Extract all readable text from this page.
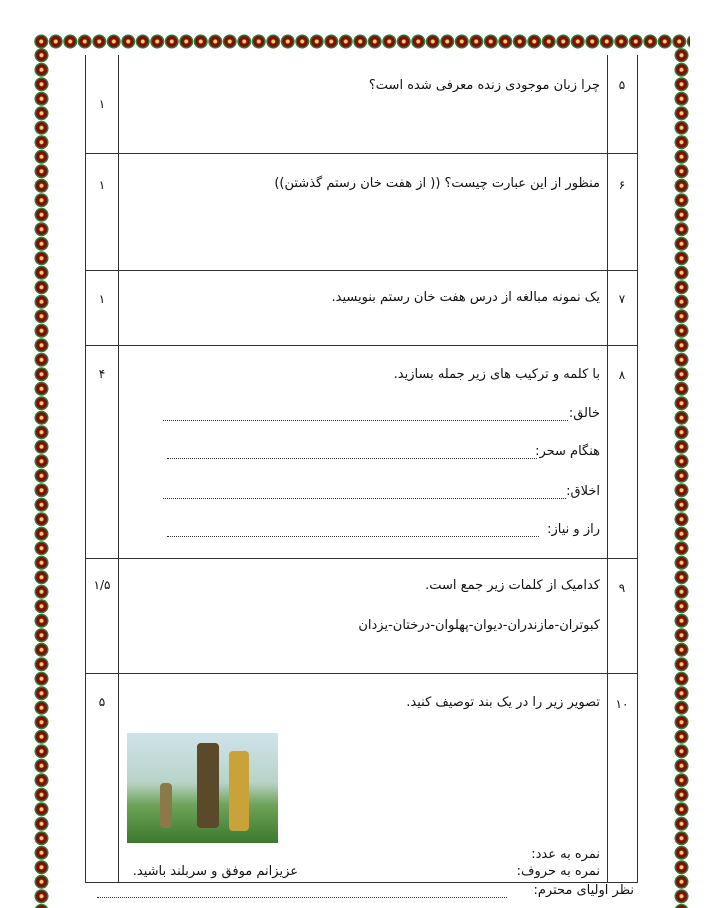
۵
چرا زبان موجودی زنده معرفی شده است؟
۱
۶
منظور از این عبارت چیست؟ (( از هفت خان رستم گذشتن))
۱
۷
یک نمونه مبالغه از درس هفت خان رستم بنویسید.
۱
۸
با کلمه و ترکیب های زیر جمله بسازید.
۴
خالق:
هنگام سحر:
اخلاق:
راز و نیاز:
۹
کدامیک از کلمات زیر جمع است.
۱/۵
کبوتران-مازندران-دیوان-پهلوان-درختان-یزدان
۱۰
تصویر زیر را در یک بند توصیف کنید.
۵
نمره به عدد:
نمره به حروف:
عزیزانم موفق و سربلند باشید.
نظر اولیای محترم:
